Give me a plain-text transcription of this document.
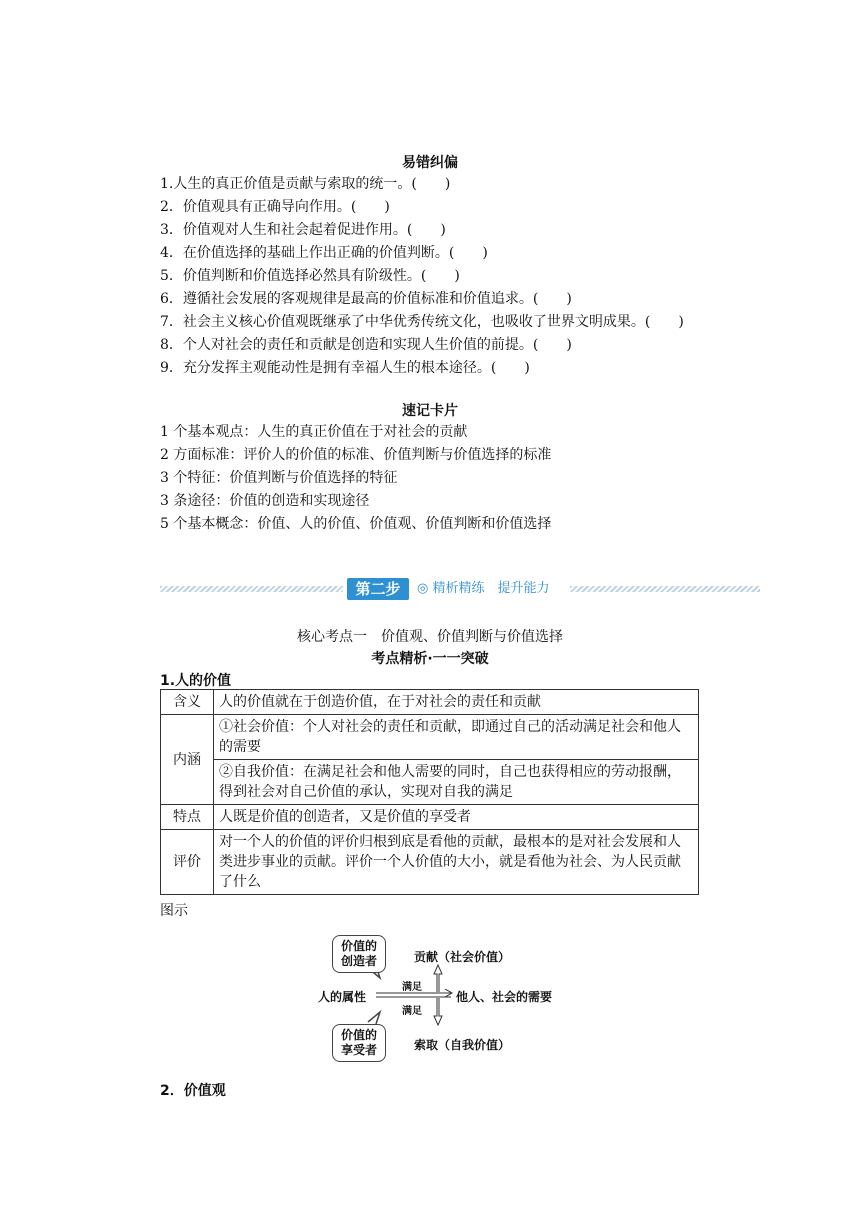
易错纠偏
1.人生的真正价值是贡献与索取的统一。(　　)
2．价值观具有正确导向作用。(　　)
3．价值观对人生和社会起着促进作用。(　　)
4．在价值选择的基础上作出正确的价值判断。(　　)
5．价值判断和价值选择必然具有阶级性。(　　)
6．遵循社会发展的客观规律是最高的价值标准和价值追求。(　　)
7．社会主义核心价值观既继承了中华优秀传统文化，也吸收了世界文明成果。(　　)
8．个人对社会的责任和贡献是创造和实现人生价值的前提。(　　)
9．充分发挥主观能动性是拥有幸福人生的根本途径。(　　)
速记卡片
1 个基本观点：人生的真正价值在于对社会的贡献
2 方面标准：评价人的价值的标准、价值判断与价值选择的标准
3 个特征：价值判断与价值选择的特征
3 条途径：价值的创造和实现途径
5 个基本概念：价值、人的价值、价值观、价值判断和价值选择
第二步	◎ 精析精练　提升能力
核心考点一　价值观、价值判断与价值选择
考点精析·一一突破
1.人的价值
含义	人的价值就在于创造价值，在于对社会的责任和贡献
内涵	①社会价值：个人对社会的责任和贡献，即通过自己的活动满足社会和他人的需要
	②自我价值：在满足社会和他人需要的同时，自己也获得相应的劳动报酬，得到社会对自己价值的承认，实现对自我的满足
特点	人既是价值的创造者，又是价值的享受者
评价	对一个人的价值的评价归根到底是看他的贡献，最根本的是对社会发展和人类进步事业的贡献。评价一个人价值的大小，就是看他为社会、为人民贡献了什么
图示
价值的创造者
价值的享受者
贡献（社会价值）
索取（自我价值）
人的属性	他人、社会的需要
满足
满足
2．价值观
